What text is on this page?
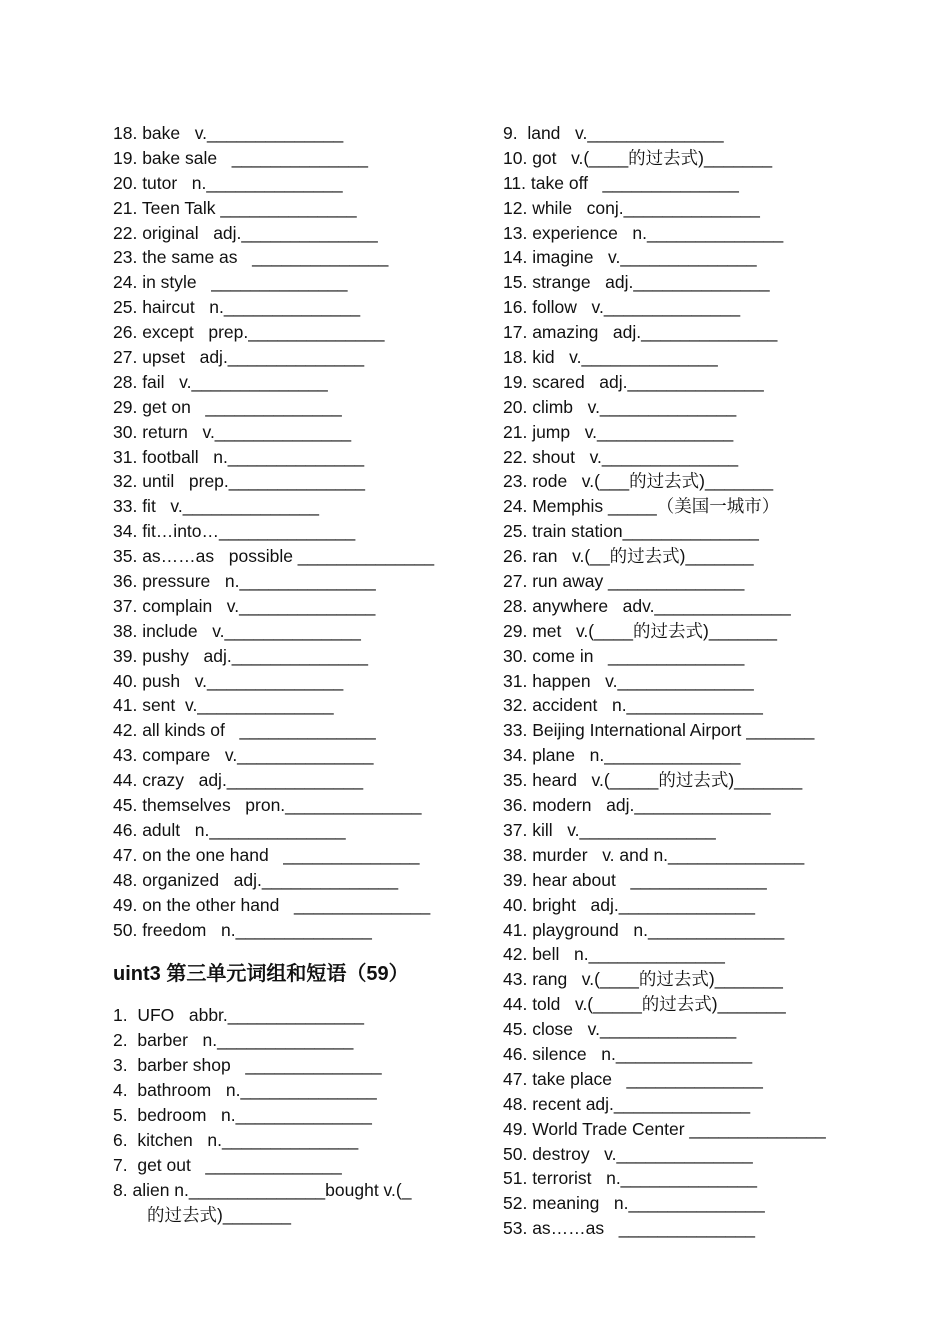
18. bake   v.______________
19. bake sale   ______________
20. tutor   n.______________
21. Teen Talk ______________
22. original   adj.______________
23. the same as   ______________
24. in style   ______________
25. haircut   n.______________
26. except   prep.______________
27. upset   adj.______________
28. fail   v.______________
29. get on   ______________
30. return   v.______________
31. football   n.______________
32. until   prep.______________
33. fit   v.______________
34. fit…into…______________
35. as……as   possible ______________
36. pressure   n.______________
37. complain   v.______________
38. include   v.______________
39. pushy   adj.______________
40. push   v.______________
41. sent  v.______________
42. all kinds of   ______________
43. compare   v.______________
44. crazy   adj.______________
45. themselves   pron.______________
46. adult   n.______________
47. on the one hand   ______________
48. organized   adj.______________
49. on the other hand   ______________
50. freedom   n.______________
uint3 第三单元词组和短语（59）
1.  UFO   abbr.______________
2.  barber   n.______________
3.  barber shop   ______________
4.  bathroom   n.______________
5.  bedroom   n.______________
6.  kitchen   n.______________
7.  get out   ______________
8. alien n.______________bought v.(_
的过去式)_______
9.  land   v.______________
10. got   v.(____的过去式)_______
11. take off   ______________
12. while   conj.______________
13. experience   n.______________
14. imagine   v.______________
15. strange   adj.______________
16. follow   v.______________
17. amazing   adj.______________
18. kid   v.______________
19. scared   adj.______________
20. climb   v.______________
21. jump   v.______________
22. shout   v.______________
23. rode   v.(___的过去式)_______
24. Memphis _____（美国一城市）
25. train station______________
26. ran   v.(__的过去式)_______
27. run away ______________
28. anywhere   adv.______________
29. met   v.(____的过去式)_______
30. come in   ______________
31. happen   v.______________
32. accident   n.______________
33. Beijing International Airport _______
34. plane   n.______________
35. heard   v.(_____的过去式)_______
36. modern   adj.______________
37. kill   v.______________
38. murder   v. and n.______________
39. hear about   ______________
40. bright   adj.______________
41. playground   n.______________
42. bell   n.______________
43. rang   v.(____的过去式)_______
44. told   v.(_____的过去式)_______
45. close   v.______________
46. silence   n.______________
47. take place   ______________
48. recent adj.______________
49. World Trade Center ______________
50. destroy   v.______________
51. terrorist   n.______________
52. meaning   n.______________
53. as……as   ______________
